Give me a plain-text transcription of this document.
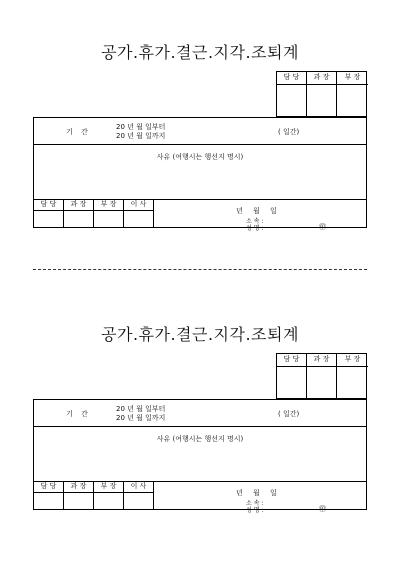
공가.휴가.결근.지각.조퇴계
담 당	과 장	부 장
기 간
20 년 월 일부터
20 년 월 일까지	( 일간)
사유 (여행시는 행선지 명시)
담 당	과 장	부 장	이 사
년 월 일
소 속 :
성 명 :	㊞
공가.휴가.결근.지각.조퇴계
담 당	과 장	부 장
기 간
20 년 월 일부터
20 년 월 일까지	( 일간)
사유 (여행시는 행선지 명시)
담 당	과 장	부 장	이 사
년 월 일
소 속 :
성 명 :	㊞
